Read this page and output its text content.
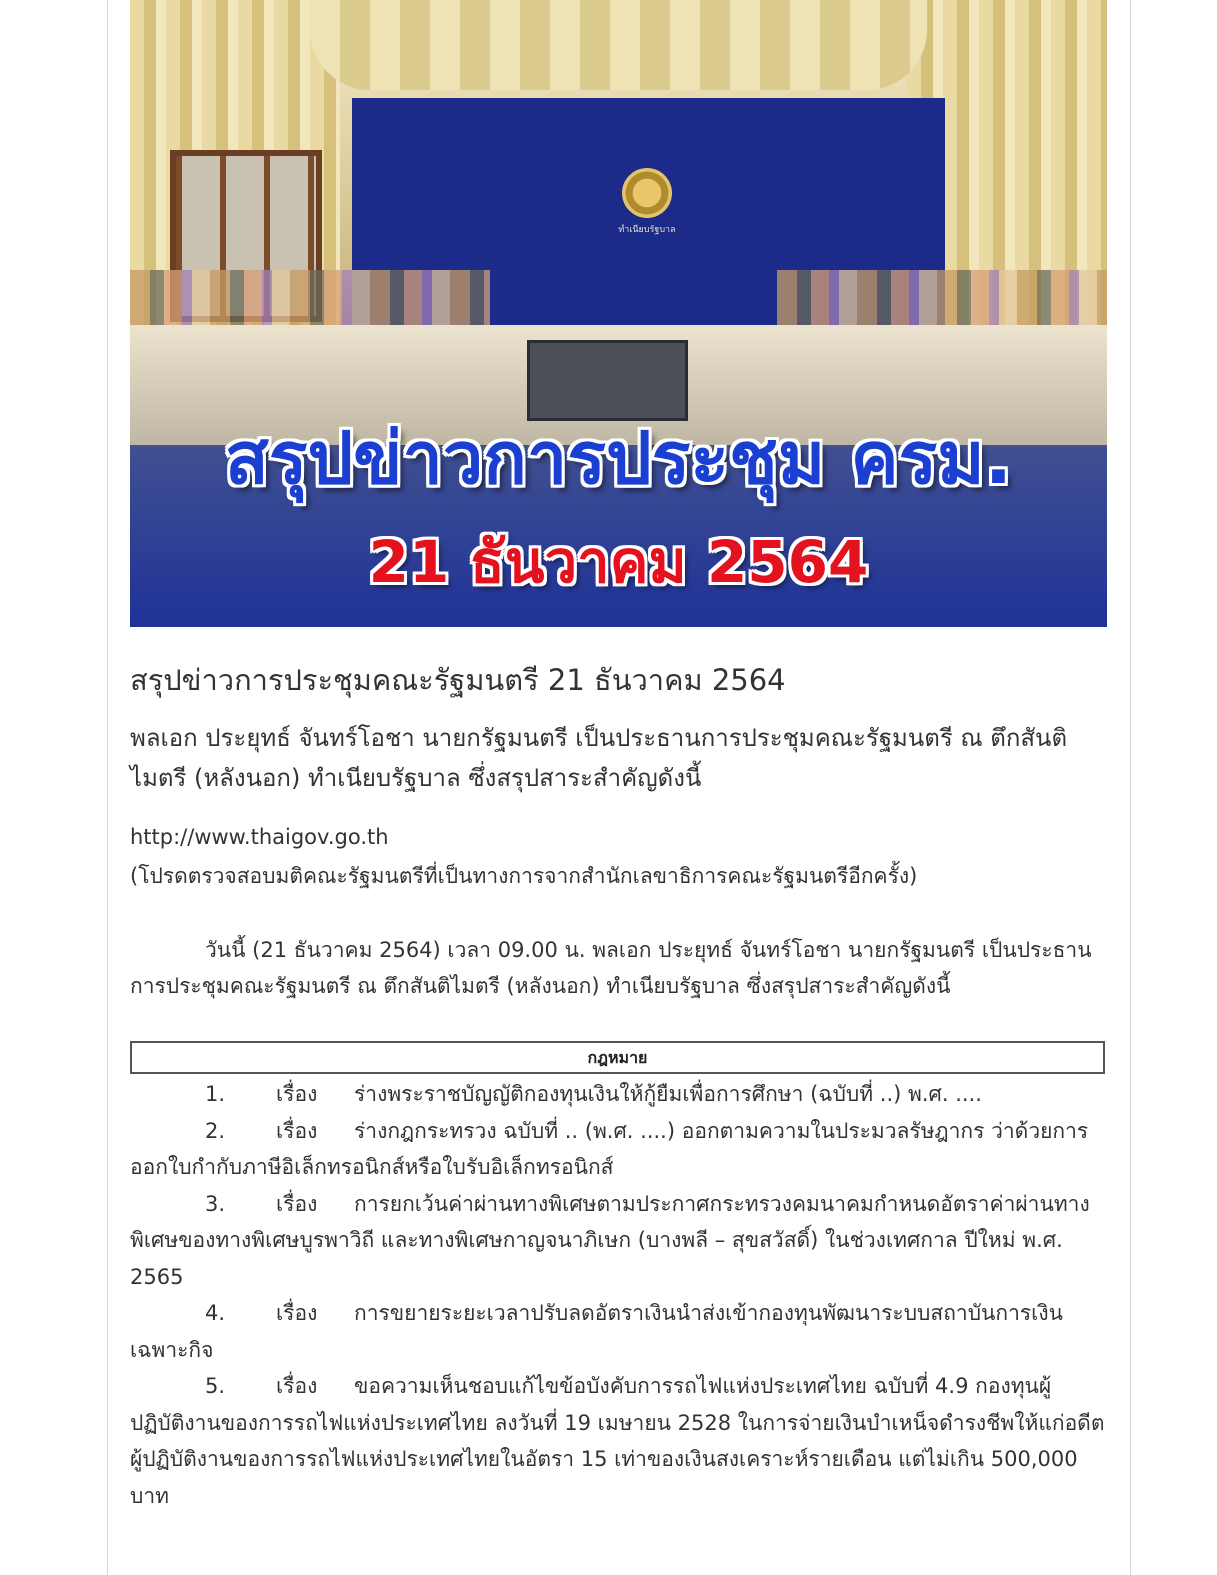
ทำเนียบรัฐบาล
สรุปข่าวการประชุม ครม.
21 ธันวาคม 2564
สรุปข่าวการประชุมคณะรัฐมนตรี 21 ธันวาคม 2564
พลเอก ประยุทธ์ จันทร์โอชา นายกรัฐมนตรี เป็นประธานการประชุมคณะรัฐมนตรี ณ ตึกสันติไมตรี (หลังนอก) ทำเนียบรัฐบาล ซึ่งสรุปสาระสำคัญดังนี้
http://www.thaigov.go.th
(โปรดตรวจสอบมติคณะรัฐมนตรีที่เป็นทางการจากสำนักเลขาธิการคณะรัฐมนตรีอีกครั้ง)
วันนี้ (21 ธันวาคม 2564) เวลา 09.00 น. พลเอก ประยุทธ์ จันทร์โอชา นายกรัฐมนตรี เป็นประธานการประชุมคณะรัฐมนตรี ณ ตึกสันติไมตรี (หลังนอก) ทำเนียบรัฐบาล ซึ่งสรุปสาระสำคัญดังนี้
กฎหมาย

1. เรื่อง ร่างพระราชบัญญัติกองทุนเงินให้กู้ยืมเพื่อการศึกษา (ฉบับที่ ..) พ.ศ. ....

2. เรื่อง ร่างกฎกระทรวง ฉบับที่ .. (พ.ศ. ....) ออกตามความในประมวลรัษฎากร ว่าด้วยการออกใบกำกับภาษีอิเล็กทรอนิกส์หรือใบรับอิเล็กทรอนิกส์

3. เรื่อง การยกเว้นค่าผ่านทางพิเศษตามประกาศกระทรวงคมนาคมกำหนดอัตราค่าผ่านทางพิเศษของทางพิเศษบูรพาวิถี และทางพิเศษกาญจนาภิเษก (บางพลี – สุขสวัสดิ์) ในช่วงเทศกาล ปีใหม่ พ.ศ. 2565

4. เรื่อง การขยายระยะเวลาปรับลดอัตราเงินนำส่งเข้ากองทุนพัฒนาระบบสถาบันการเงินเฉพาะกิจ

5. เรื่อง ขอความเห็นชอบแก้ไขข้อบังคับการรถไฟแห่งประเทศไทย ฉบับที่ 4.9 กองทุนผู้ปฏิบัติงานของการรถไฟแห่งประเทศไทย ลงวันที่ 19 เมษายน 2528 ในการจ่ายเงินบำเหน็จดำรงชีพให้แก่อดีตผู้ปฏิบัติงานของการรถไฟแห่งประเทศไทยในอัตรา 15 เท่าของเงินสงเคราะห์รายเดือน แต่ไม่เกิน 500,000 บาท
